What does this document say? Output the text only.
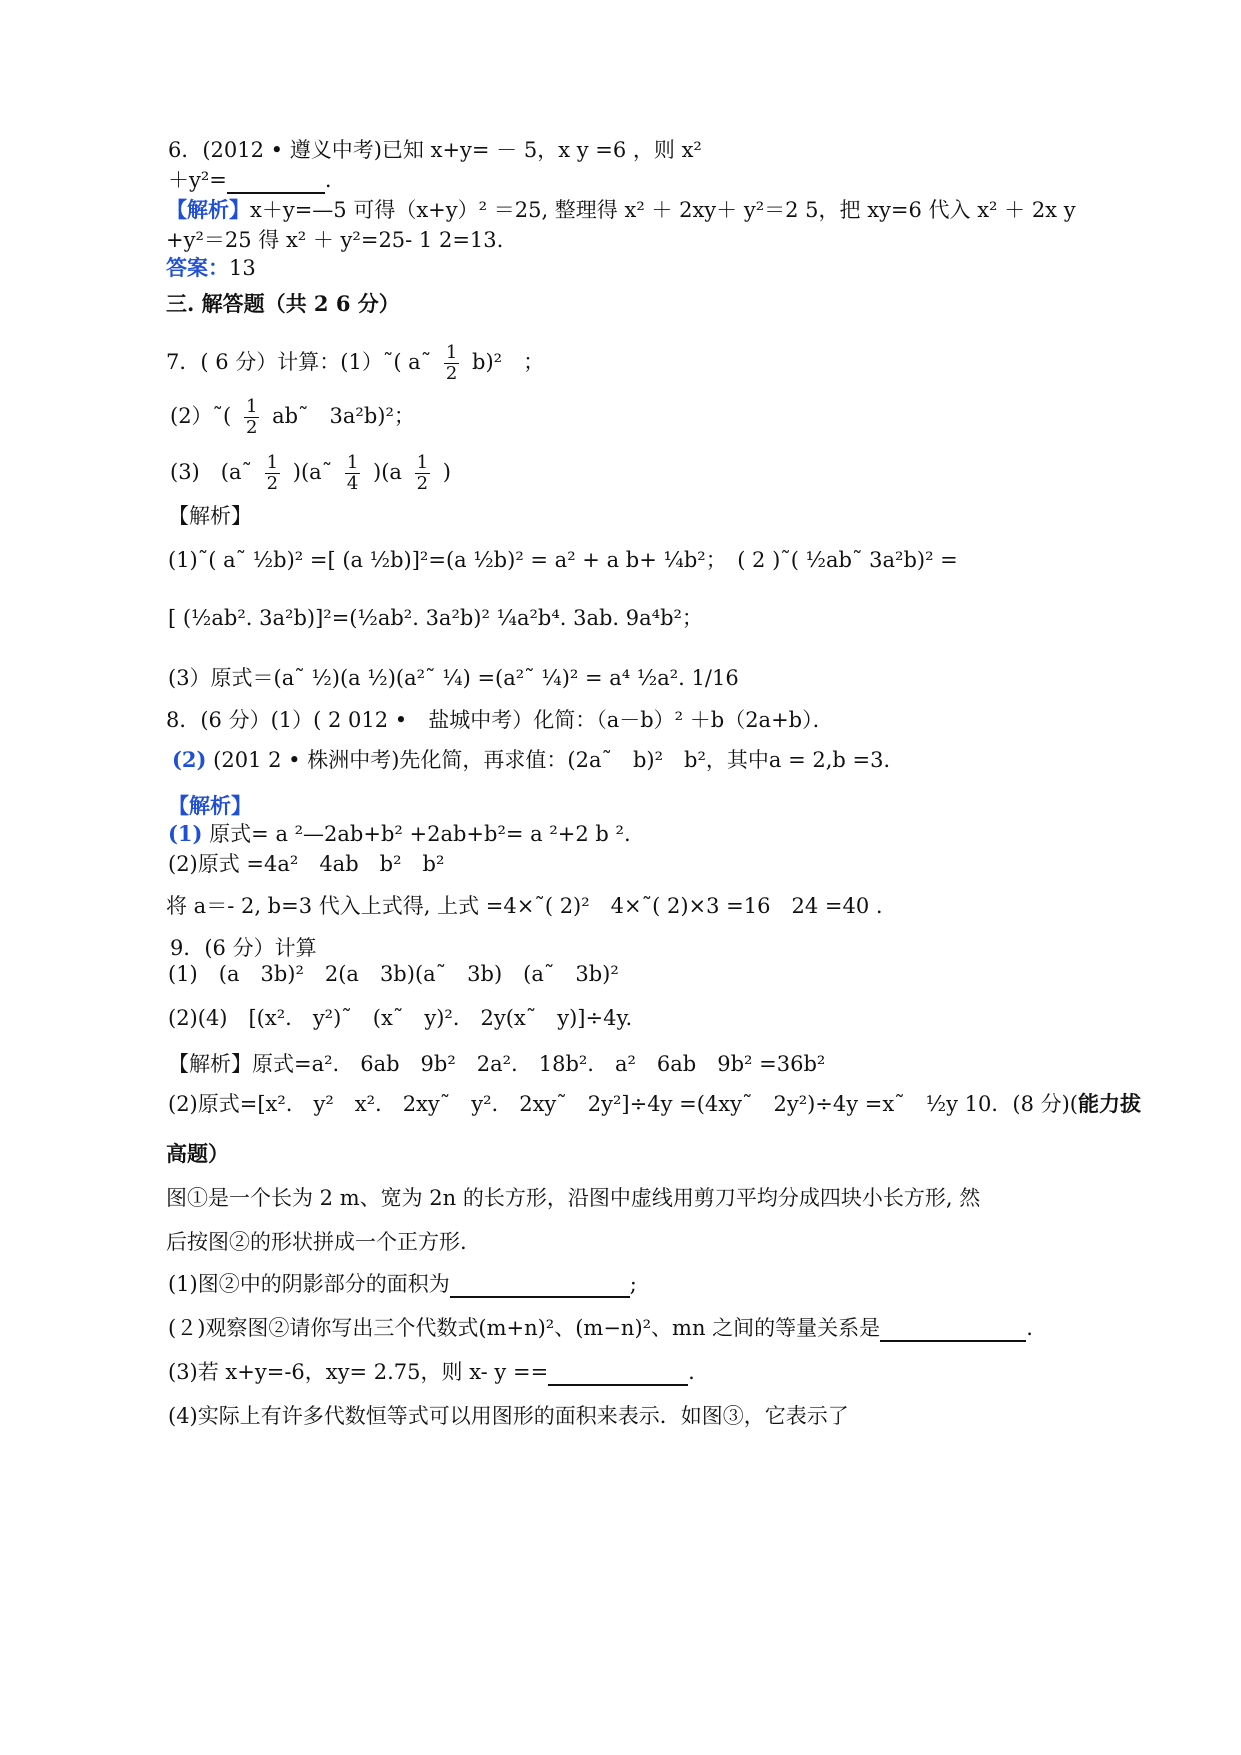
6．(2012 • 遵义中考)已知 x+y= － 5，x y =6 ，则 x²
＋y²=	.
【解析】x＋y=—5 可得（x+y）² ＝25, 整理得 x² ＋ 2xy＋ y²＝2 5，把 xy=6 代入 x² ＋ 2x y
+y²＝25 得 x² ＋ y²=25- 1 2=13.
答案：13
三. 解答题（共 2 6 分）
7．( 6 分）计算：(1）˜( a˜ $\frac{1}{2} b)^2$　；
(2）˜( $\frac{1}{2}$ ab˜　3a²b)²；
(3)　(a˜ $\frac{1}{2}$ )(a˜ $\frac{1}{4} )(a \frac{1}{2}$ )
【解析】
(1)˜( a˜ ½b)² =[ (a ½b)]²=(a ½b)² = a² + a b+ ¼b²；　( 2 )˜( ½ab˜ 3a²b)² =
[ (½ab². 3a²b)]²=(½ab². 3a²b)² ¼a²b⁴. 3ab. 9a⁴b²；
(3）原式＝(a˜ ½)(a ½)(a²˜ ¼) =(a²˜ ¼)² = a⁴ ½a². 1/16
8．(6 分）(1）( 2 012 •　盐城中考）化简：（a－b）² ＋b（2a+b）．
(2) (201 2 • 株洲中考)先化简，再求值：(2a˜　b)²　b²，其中a = 2,b =3．
【解析】
(1) 原式= a ²—2ab+b² +2ab+b²= a ²+2 b ².
(2)原式 =4a²　4ab　b²　b²
将 a＝- 2, b=3 代入上式得, 上式 =4×˜( 2)²　4×˜( 2)×3 =16　24 =40 .
9．(6 分）计算
(1)　(a　3b)²　2(a　3b)(a˜　3b)　(a˜　3b)²
(2)(4)　[(x².　y²)˜　(x˜　y)².　2y(x˜　y)]÷4y.
【解析】原式=a².　6ab　9b²　2a².　18b².　a²　6ab　9b² =36b²
(2)原式=[x².　y²　x².　2xy˜　y².　2xy˜　2y²]÷4y =(4xy˜　2y²)÷4y =x˜　½y 10．(8 分)(能力拔
高题）
图①是一个长为 2 m、宽为 2n 的长方形，沿图中虚线用剪刀平均分成四块小长方形, 然
后按图②的形状拼成一个正方形.
(1)图②中的阴影部分的面积为	;
(２)观察图②请你写出三个代数式(m+n)²、(m−n)²、mn 之间的等量关系是	.
(3)若 x+y=-6，xy= 2.75，则 x- y ==	.
(4)实际上有许多代数恒等式可以用图形的面积来表示．如图③，它表示了
